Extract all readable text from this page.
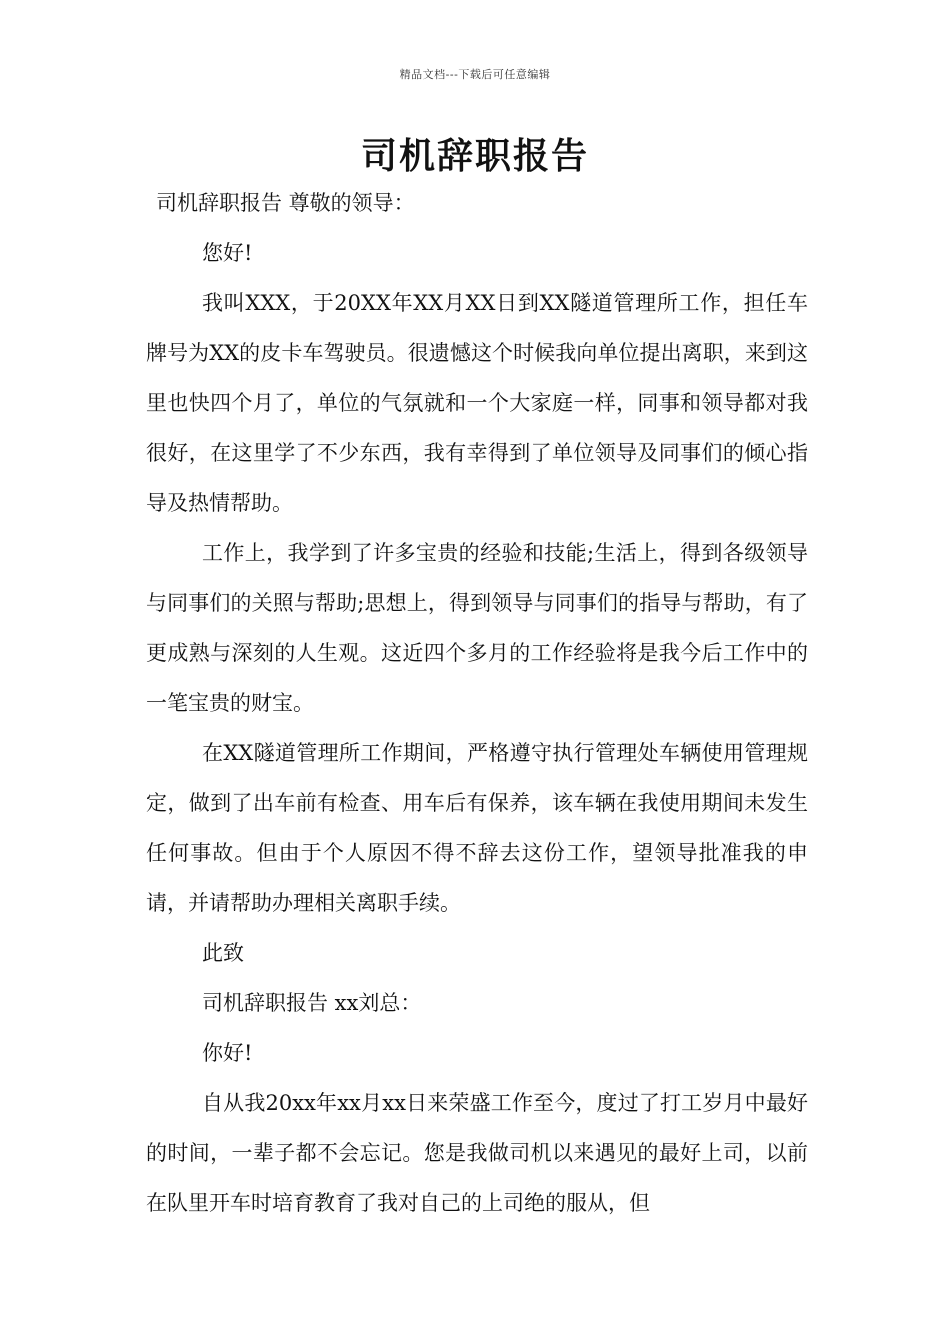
精品文档---下载后可任意编辑
司机辞职报告

司机辞职报告 尊敬的领导：

您好!

我叫XXX，于20XX年XX月XX日到XX隧道管理所工作，担任车牌号为XX的皮卡车驾驶员。很遗憾这个时候我向单位提出离职，来到这里也快四个月了，单位的气氛就和一个大家庭一样，同事和领导都对我很好，在这里学了不少东西，我有幸得到了单位领导及同事们的倾心指导及热情帮助。

工作上，我学到了许多宝贵的经验和技能;生活上，得到各级领导与同事们的关照与帮助;思想上，得到领导与同事们的指导与帮助，有了更成熟与深刻的人生观。这近四个多月的工作经验将是我今后工作中的一笔宝贵的财宝。

在XX隧道管理所工作期间，严格遵守执行管理处车辆使用管理规定，做到了出车前有检查、用车后有保养，该车辆在我使用期间未发生任何事故。但由于个人原因不得不辞去这份工作，望领导批准我的申请，并请帮助办理相关离职手续。

此致

司机辞职报告 xx刘总：

你好!

自从我20xx年xx月xx日来荣盛工作至今，度过了打工岁月中最好的时间，一辈子都不会忘记。您是我做司机以来遇见的最好上司，以前在队里开车时培育教育了我对自己的上司绝的服从，但
